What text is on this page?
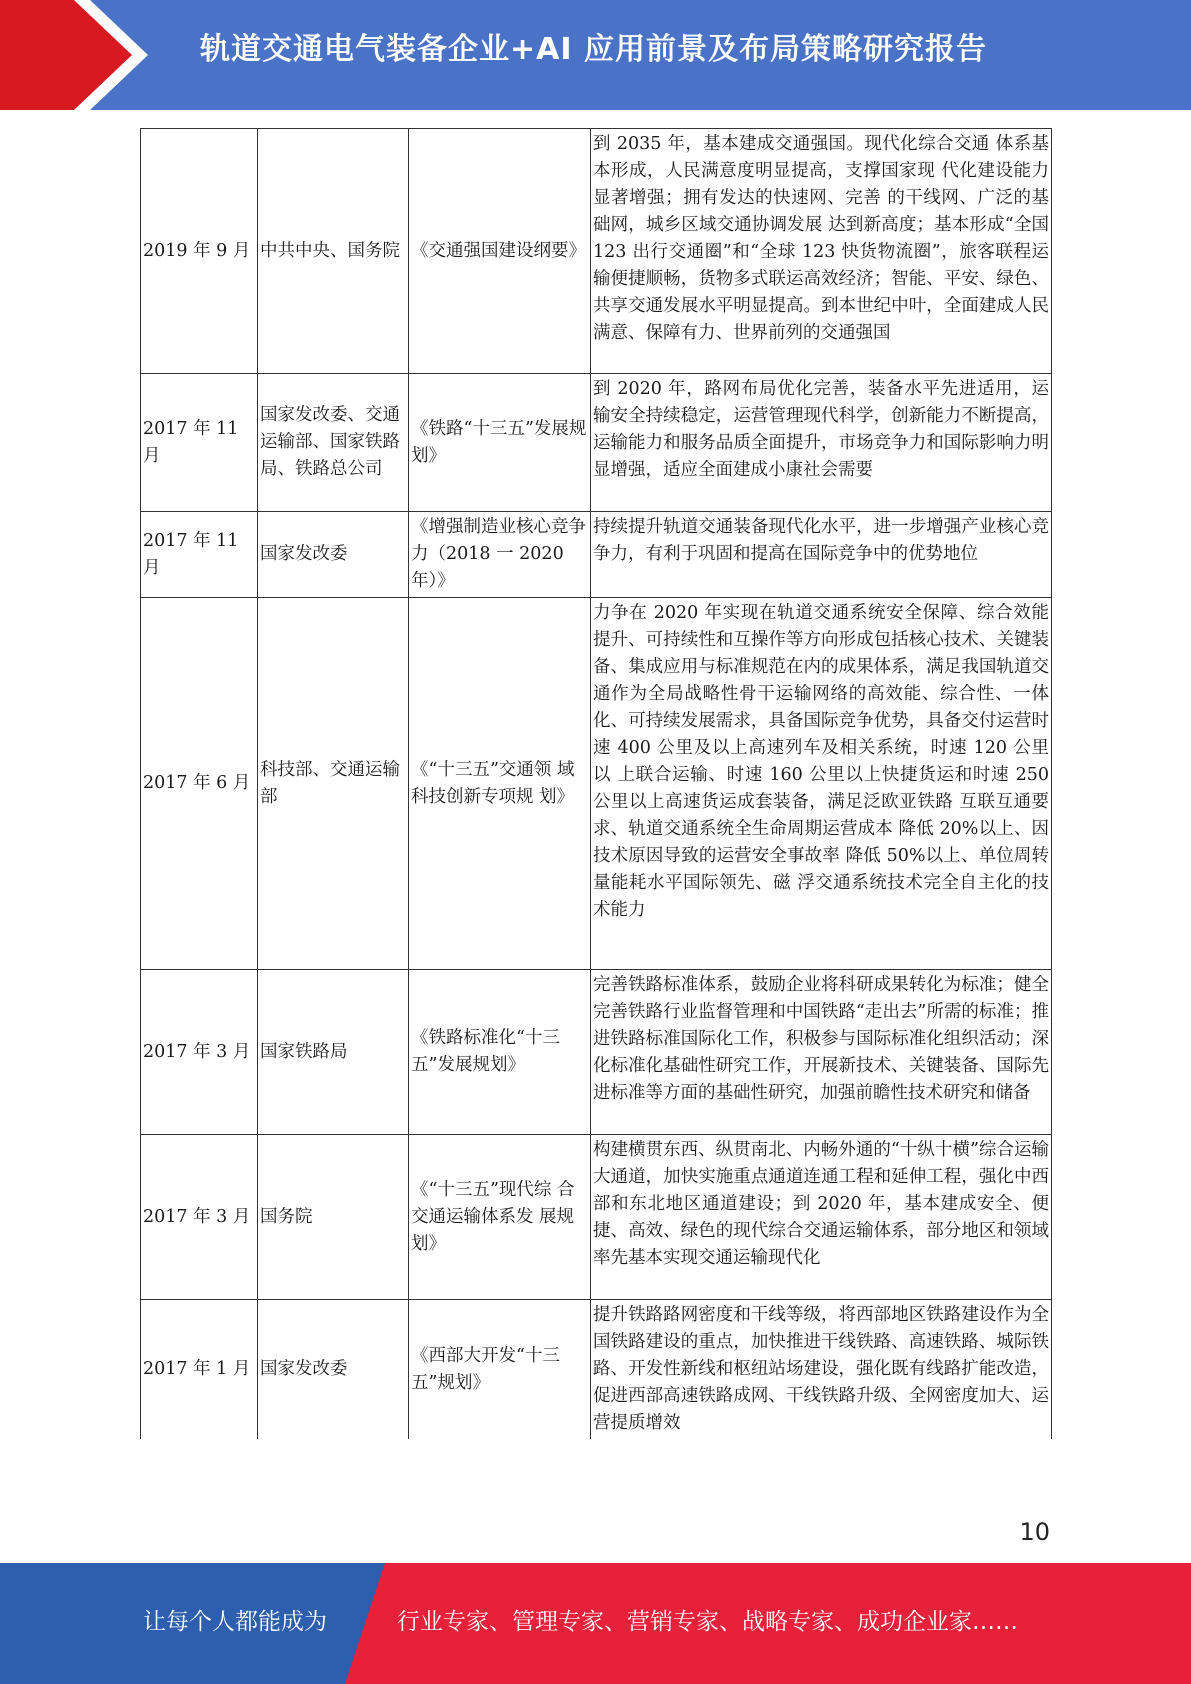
轨道交通电气装备企业+AI 应用前景及布局策略研究报告
2019 年 9 月	中共中央、国务院	《交通强国建设纲要》	到 2035 年，基本建成交通强国。现代化综合交通 体系基本形成，人民满意度明显提高，支撑国家现 代化建设能力显著增强；拥有发达的快速网、完善 的干线网、广泛的基础网，城乡区域交通协调发展 达到新高度；基本形成“全国 123 出行交通圈”和“全球 123 快货物流圈”，旅客联程运输便捷顺畅，货物多式联运高效经济；智能、平安、绿色、共享交通发展水平明显提高。到本世纪中叶，全面建成人民满意、保障有力、世界前列的交通强国
2017 年 11 月	国家发改委、交通运输部、国家铁路局、铁路总公司	《铁路“十三五”发展规划》	到 2020 年，路网布局优化完善，装备水平先进适用，运输安全持续稳定，运营管理现代科学，创新能力不断提高，运输能力和服务品质全面提升，市场竞争力和国际影响力明显增强，适应全面建成小康社会需要
2017 年 11 月	国家发改委	《增强制造业核心竞争力（2018 一 2020 年）》	持续提升轨道交通装备现代化水平，进一步增强产业核心竞争力，有利于巩固和提高在国际竞争中的优势地位
2017 年 6 月	科技部、交通运输部	《“十三五”交通领 域科技创新专项规 划》	力争在 2020 年实现在轨道交通系统安全保障、综合效能提升、可持续性和互操作等方向形成包括核心技术、关键装备、集成应用与标准规范在内的成果体系，满足我国轨道交通作为全局战略性骨干运输网络的高效能、综合性、一体化、可持续发展需求，具备国际竞争优势，具备交付运营时速 400 公里及以上高速列车及相关系统，时速 120 公里以 上联合运输、时速 160 公里以上快捷货运和时速 250 公里以上高速货运成套装备，满足泛欧亚铁路 互联互通要求、轨道交通系统全生命周期运营成本 降低 20%以上、因技术原因导致的运营安全事故率 降低 50%以上、单位周转量能耗水平国际领先、磁 浮交通系统技术完全自主化的技术能力
2017 年 3 月	国家铁路局	《铁路标准化“十三五”发展规划》	完善铁路标准体系，鼓励企业将科研成果转化为标准；健全完善铁路行业监督管理和中国铁路“走出去”所需的标准；推进铁路标准国际化工作，积极参与国际标准化组织活动；深化标准化基础性研究工作，开展新技术、关键装备、国际先进标准等方面的基础性研究，加强前瞻性技术研究和储备
2017 年 3 月	国务院	《“十三五”现代综 合交通运输体系发 展规划》	构建横贯东西、纵贯南北、内畅外通的“十纵十横”综合运输大通道，加快实施重点通道连通工程和延伸工程，强化中西部和东北地区通道建设；到 2020 年，基本建成安全、便捷、高效、绿色的现代综合交通运输体系，部分地区和领域率先基本实现交通运输现代化
2017 年 1 月	国家发改委	《西部大开发“十三五”规划》	提升铁路路网密度和干线等级，将西部地区铁路建设作为全国铁路建设的重点，加快推进干线铁路、高速铁路、城际铁路、开发性新线和枢纽站场建设，强化既有线路扩能改造，促进西部高速铁路成网、干线铁路升级、全网密度加大、运营提质增效
10
让每个人都能成为	行业专家、管理专家、营销专家、战略专家、成功企业家……
